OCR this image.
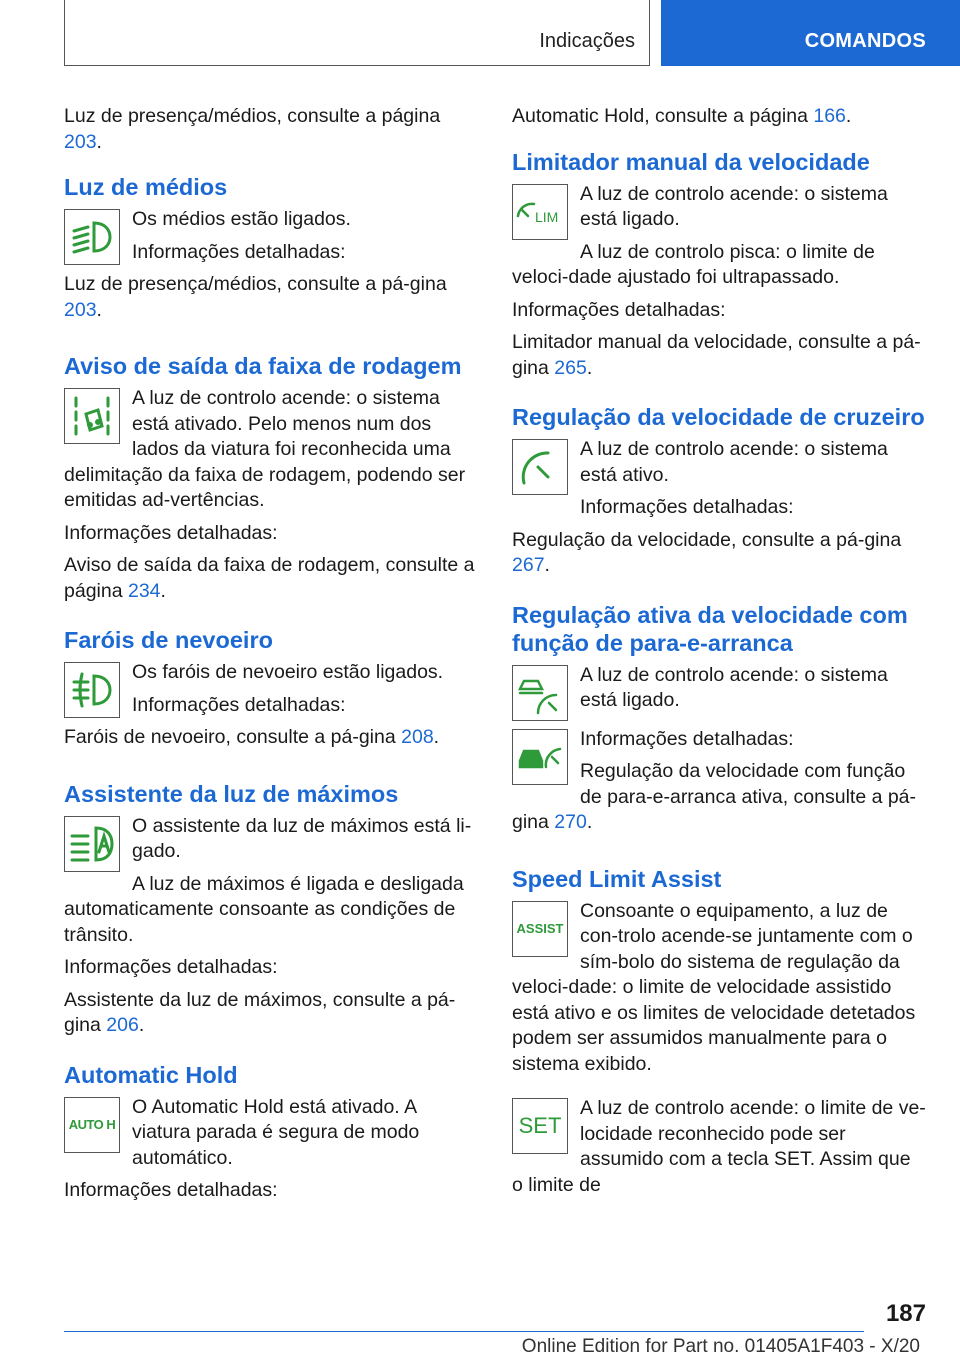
Indicações	COMANDOS

Luz de presença/médios, consulte a página 203.

Luz de médios

Os médios estão ligados.

Informações detalhadas:

Luz de presença/médios, consulte a pá-gina 203.

Aviso de saída da faixa de rodagem

A luz de controlo acende: o sistema está ativado. Pelo menos num dos lados da viatura foi reconhecida uma delimitação da faixa de rodagem, podendo ser emitidas ad-vertências.

Informações detalhadas:

Aviso de saída da faixa de rodagem, consulte a página 234.

Faróis de nevoeiro

Os faróis de nevoeiro estão ligados.

Informações detalhadas:

Faróis de nevoeiro, consulte a pá-gina 208.

Assistente da luz de máximos

O assistente da luz de máximos está li-gado.

A luz de máximos é ligada e desligada automaticamente consoante as condições de trânsito.

Informações detalhadas:

Assistente da luz de máximos, consulte a pá-gina 206.

Automatic Hold
AUTO H

O Automatic Hold está ativado. A viatura parada é segura de modo automático.

Informações detalhadas:

Automatic Hold, consulte a página 166.

Limitador manual da velocidade
LIM

A luz de controlo acende: o sistema está ligado.

A luz de controlo pisca: o limite de veloci-dade ajustado foi ultrapassado.

Informações detalhadas:

Limitador manual da velocidade, consulte a pá-gina 265.

Regulação da velocidade de cruzeiro

A luz de controlo acende: o sistema está ativo.

Informações detalhadas:

Regulação da velocidade, consulte a pá-gina 267.

Regulação ativa da velocidade com função de para-e-arranca

A luz de controlo acende: o sistema está ligado.

Informações detalhadas:

Regulação da velocidade com função de para-e-arranca ativa, consulte a pá-gina 270.

Speed Limit Assist
ASSIST

Consoante o equipamento, a luz de con-trolo acende-se juntamente com o sím-bolo do sistema de regulação da veloci-dade: o limite de velocidade assistido está ativo e os limites de velocidade detetados podem ser assumidos manualmente para o sistema exibido.

SET

A luz de controlo acende: o limite de ve-locidade reconhecido pode ser assumido com a tecla SET. Assim que o limite de

187
Online Edition for Part no. 01405A1F403 - X/20
